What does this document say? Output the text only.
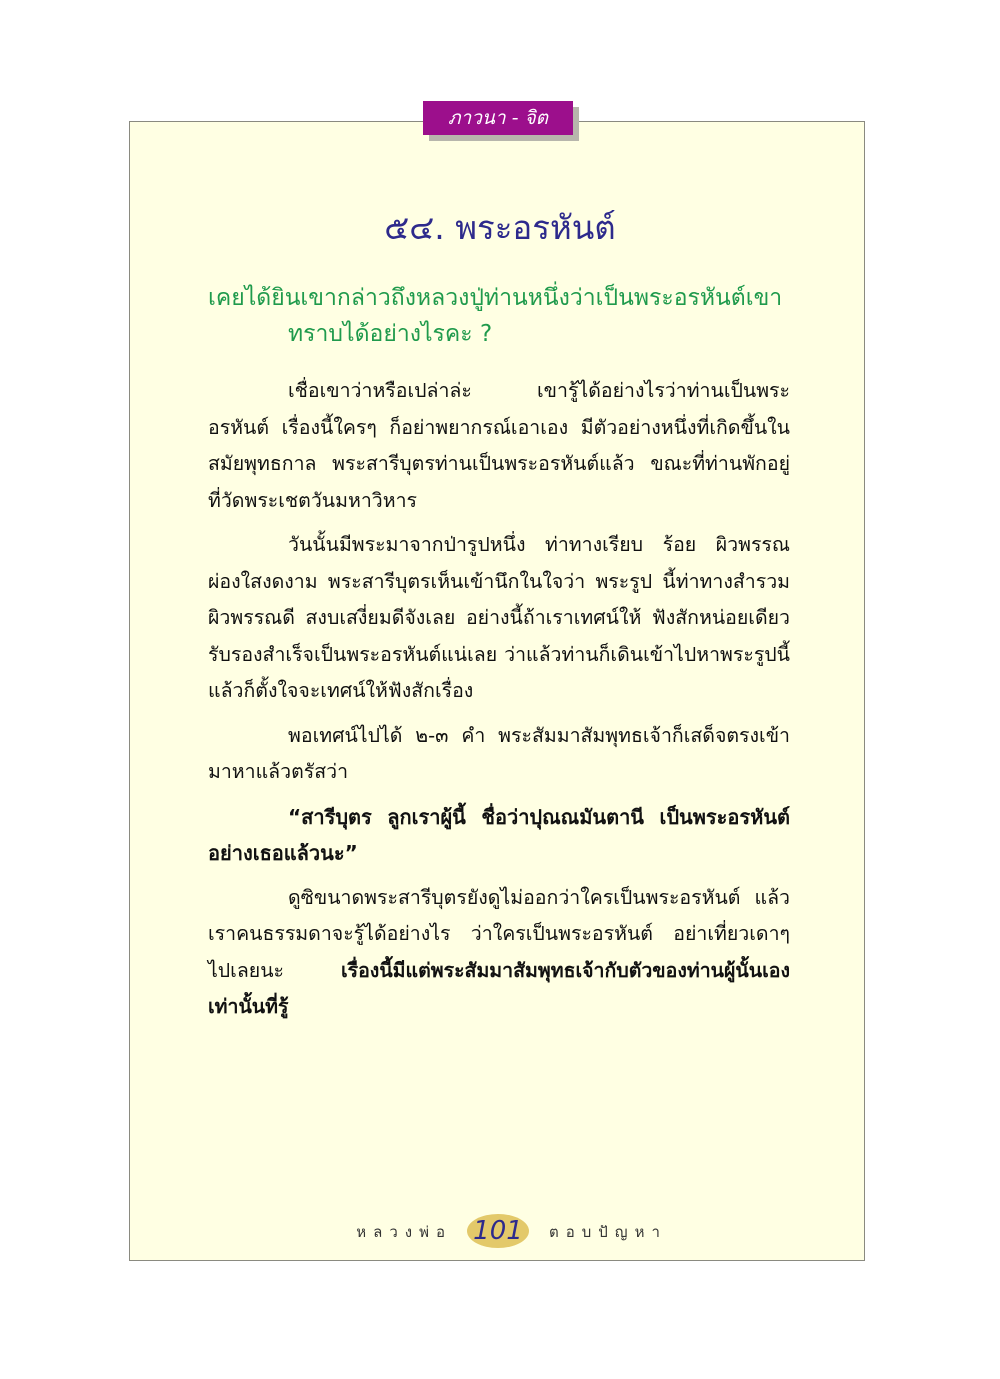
ภาวนา - จิต
๕๔. พระอรหันต์
เคยได้ยินเขากล่าวถึงหลวงปู่ท่านหนึ่งว่าเป็นพระอรหันต์เขา
ทราบได้อย่างไรคะ ?

เชื่อเขาว่าหรือเปล่าล่ะ เขารู้ได้อย่างไรว่าท่านเป็นพระอรหันต์ เรื่องนี้ใครๆ ก็อย่าพยากรณ์เอาเอง มีตัวอย่างหนึ่งที่เกิดขึ้นในสมัยพุทธกาล พระสารีบุตรท่านเป็นพระอรหันต์แล้ว ขณะที่ท่านพักอยู่ ที่วัดพระเชตวันมหาวิหาร

วันนั้นมีพระมาจากป่ารูปหนึ่ง ท่าทางเรียบ ร้อย ผิวพรรณผ่องใสงดงาม พระสารีบุตรเห็นเข้านึกในใจว่า พระรูป นี้ท่าทางสำรวมผิวพรรณดี สงบเสงี่ยมดีจังเลย อย่างนี้ถ้าเราเทศน์ให้ ฟังสักหน่อยเดียว รับรองสำเร็จเป็นพระอรหันต์แน่เลย ว่าแล้วท่านก็เดินเข้าไปหาพระรูปนี้ แล้วก็ตั้งใจจะเทศน์ให้ฟังสักเรื่อง

พอเทศน์ไปได้ ๒-๓ คำ พระสัมมาสัมพุทธเจ้าก็เสด็จตรงเข้ามาหาแล้วตรัสว่า

“สารีบุตร ลูกเราผู้นี้ ชื่อว่าปุณณมันตานี เป็นพระอรหันต์อย่างเธอแล้วนะ”

ดูซิขนาดพระสารีบุตรยังดูไม่ออกว่าใครเป็นพระอรหันต์ แล้วเราคนธรรมดาจะรู้ได้อย่างไร ว่าใครเป็นพระอรหันต์ อย่าเที่ยวเดาๆ ไปเลยนะ เรื่องนี้มีแต่พระสัมมาสัมพุทธเจ้ากับตัวของท่านผู้นั้นเองเท่านั้นที่รู้

หลวงพ่อ 101	ตอบปัญหา
